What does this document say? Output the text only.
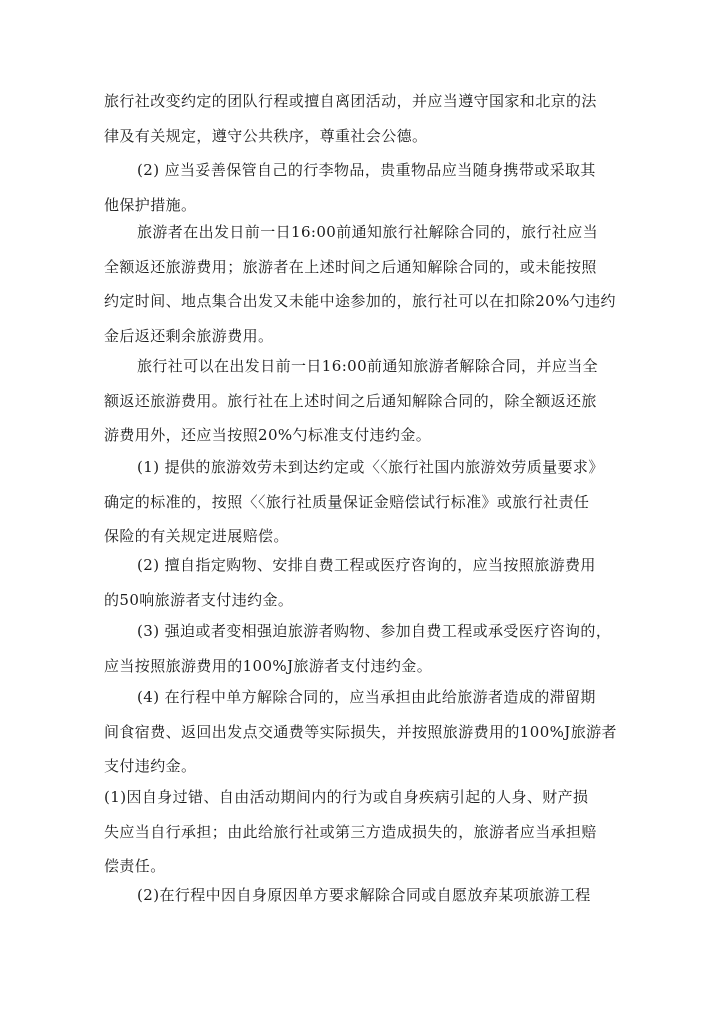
旅行社改变约定的团队行程或擅自离团活动，并应当遵守国家和北京的法
律及有关规定，遵守公共秩序，尊重社会公德。
(2) 应当妥善保管自己的行李物品，贵重物品应当随身携带或采取其
他保护措施。
旅游者在出发日前一日16:00前通知旅行社解除合同的，旅行社应当
全额返还旅游费用；旅游者在上述时间之后通知解除合同的，或未能按照
约定时间、地点集合出发又未能中途参加的，旅行社可以在扣除20%勺违约
金后返还剩余旅游费用。
旅行社可以在出发日前一日16:00前通知旅游者解除合同，并应当全
额返还旅游费用。旅行社在上述时间之后通知解除合同的，除全额返还旅
游费用外，还应当按照20%勺标准支付违约金。
(1) 提供的旅游效劳未到达约定或〈〈旅行社国内旅游效劳质量要求》
确定的标准的，按照〈〈旅行社质量保证金赔偿试行标准》或旅行社责任
保险的有关规定进展赔偿。
(2) 擅自指定购物、安排自费工程或医疗咨询的，应当按照旅游费用
的50响旅游者支付违约金。
(3) 强迫或者变相强迫旅游者购物、参加自费工程或承受医疗咨询的，
应当按照旅游费用的100%J旅游者支付违约金。
(4) 在行程中单方解除合同的，应当承担由此给旅游者造成的滞留期
间食宿费、返回出发点交通费等实际损失，并按照旅游费用的100%J旅游者
支付违约金。
(1)因自身过错、自由活动期间内的行为或自身疾病引起的人身、财产损
失应当自行承担；由此给旅行社或第三方造成损失的，旅游者应当承担赔
偿责任。
(2)在行程中因自身原因单方要求解除合同或自愿放弃某项旅游工程
